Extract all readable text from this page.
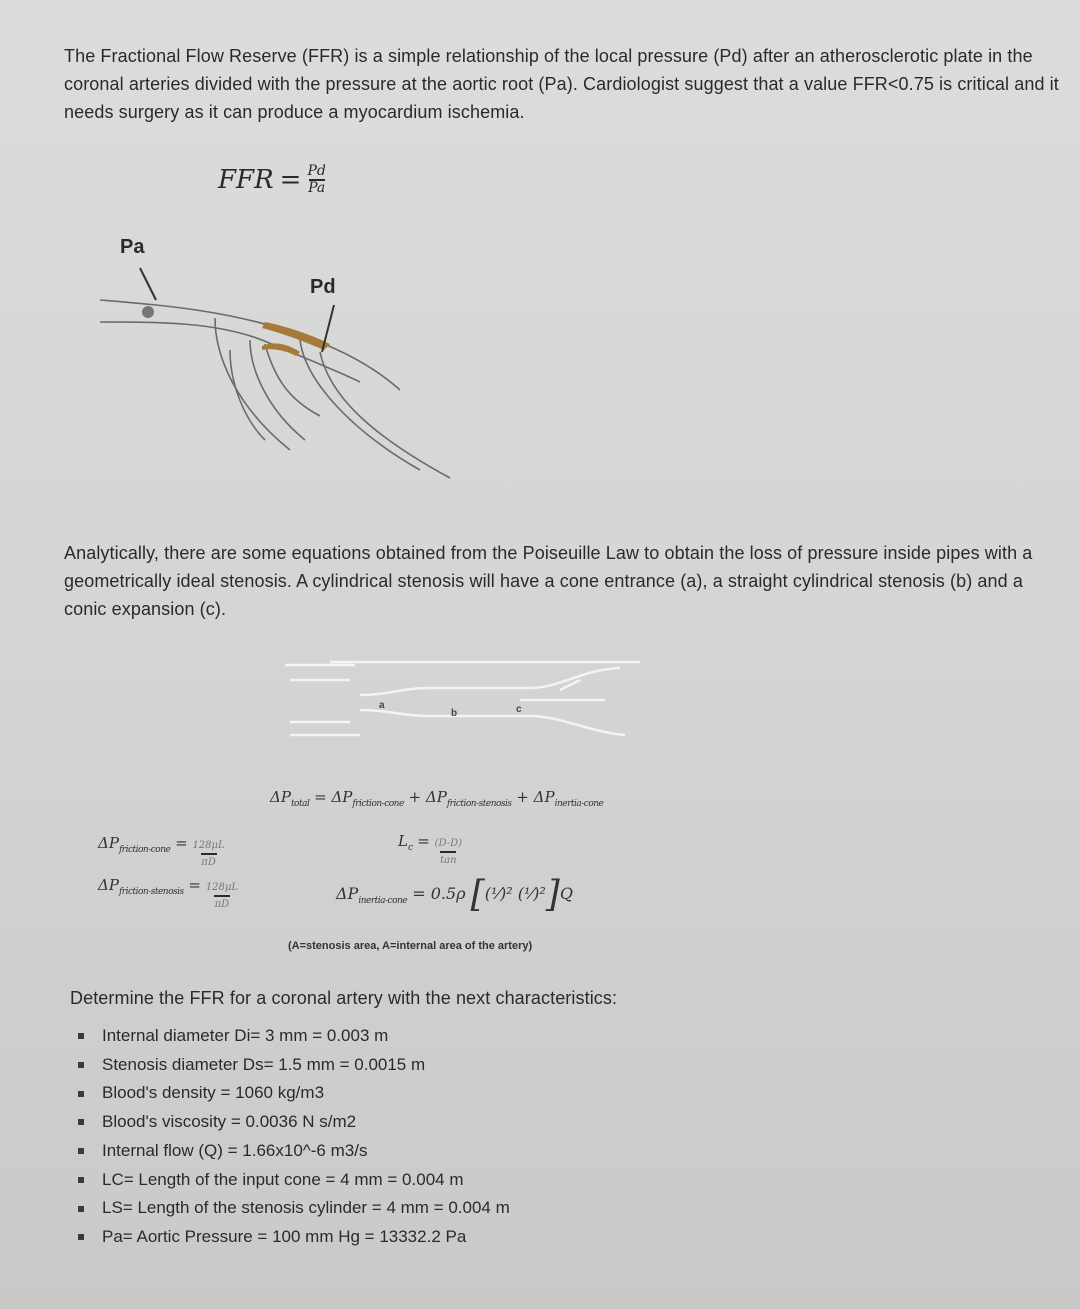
The Fractional Flow Reserve (FFR) is a simple relationship of the local pressure (Pd) after an atherosclerotic plate in the coronal arteries divided with the pressure at the aortic root (Pa). Cardiologist suggest that a value FFR<0.75 is critical and it needs surgery as it can produce a myocardium ischemia.

FFR = $\frac{Pd}{Pa}$
Pa
Pd

Analytically, there are some equations obtained from the Poiseuille Law to obtain the loss of pressure inside pipes with a geometrically ideal stenosis. A cylindrical stenosis will have a cone entrance (a), a straight cylindrical stenosis (b) and a conic expansion (c).

a
b	c
$\Delta P_{total} = \Delta P_{friction-cone} + \Delta P_{friction-stenosis} + \Delta P_{inertia-cone}$
$\Delta P_{friction-cone} = \frac{128\mu L}{\pi D}$
$\Delta P_{friction-stenosis} = \frac{128\mu L}{\pi D}$
$L_c = \frac{(D-D)}{\tan}$
$\Delta P_{inertia-cone} = 0.5\rho$ [(⅟)² (⅟)²]Q
(A=stenosis area, A=internal area of the artery)

Determine the FFR for a coronal artery with the next characteristics:

Internal diameter Di= 3 mm = 0.003 m
Stenosis diameter Ds= 1.5 mm = 0.0015 m
Blood's density = 1060 kg/m3
Blood's viscosity = 0.0036 N s/m2
Internal flow (Q) = 1.66x10^-6 m3/s
LC= Length of the input cone = 4 mm = 0.004 m
LS= Length of the stenosis cylinder = 4 mm = 0.004 m
Pa= Aortic Pressure = 100 mm Hg = 13332.2 Pa
